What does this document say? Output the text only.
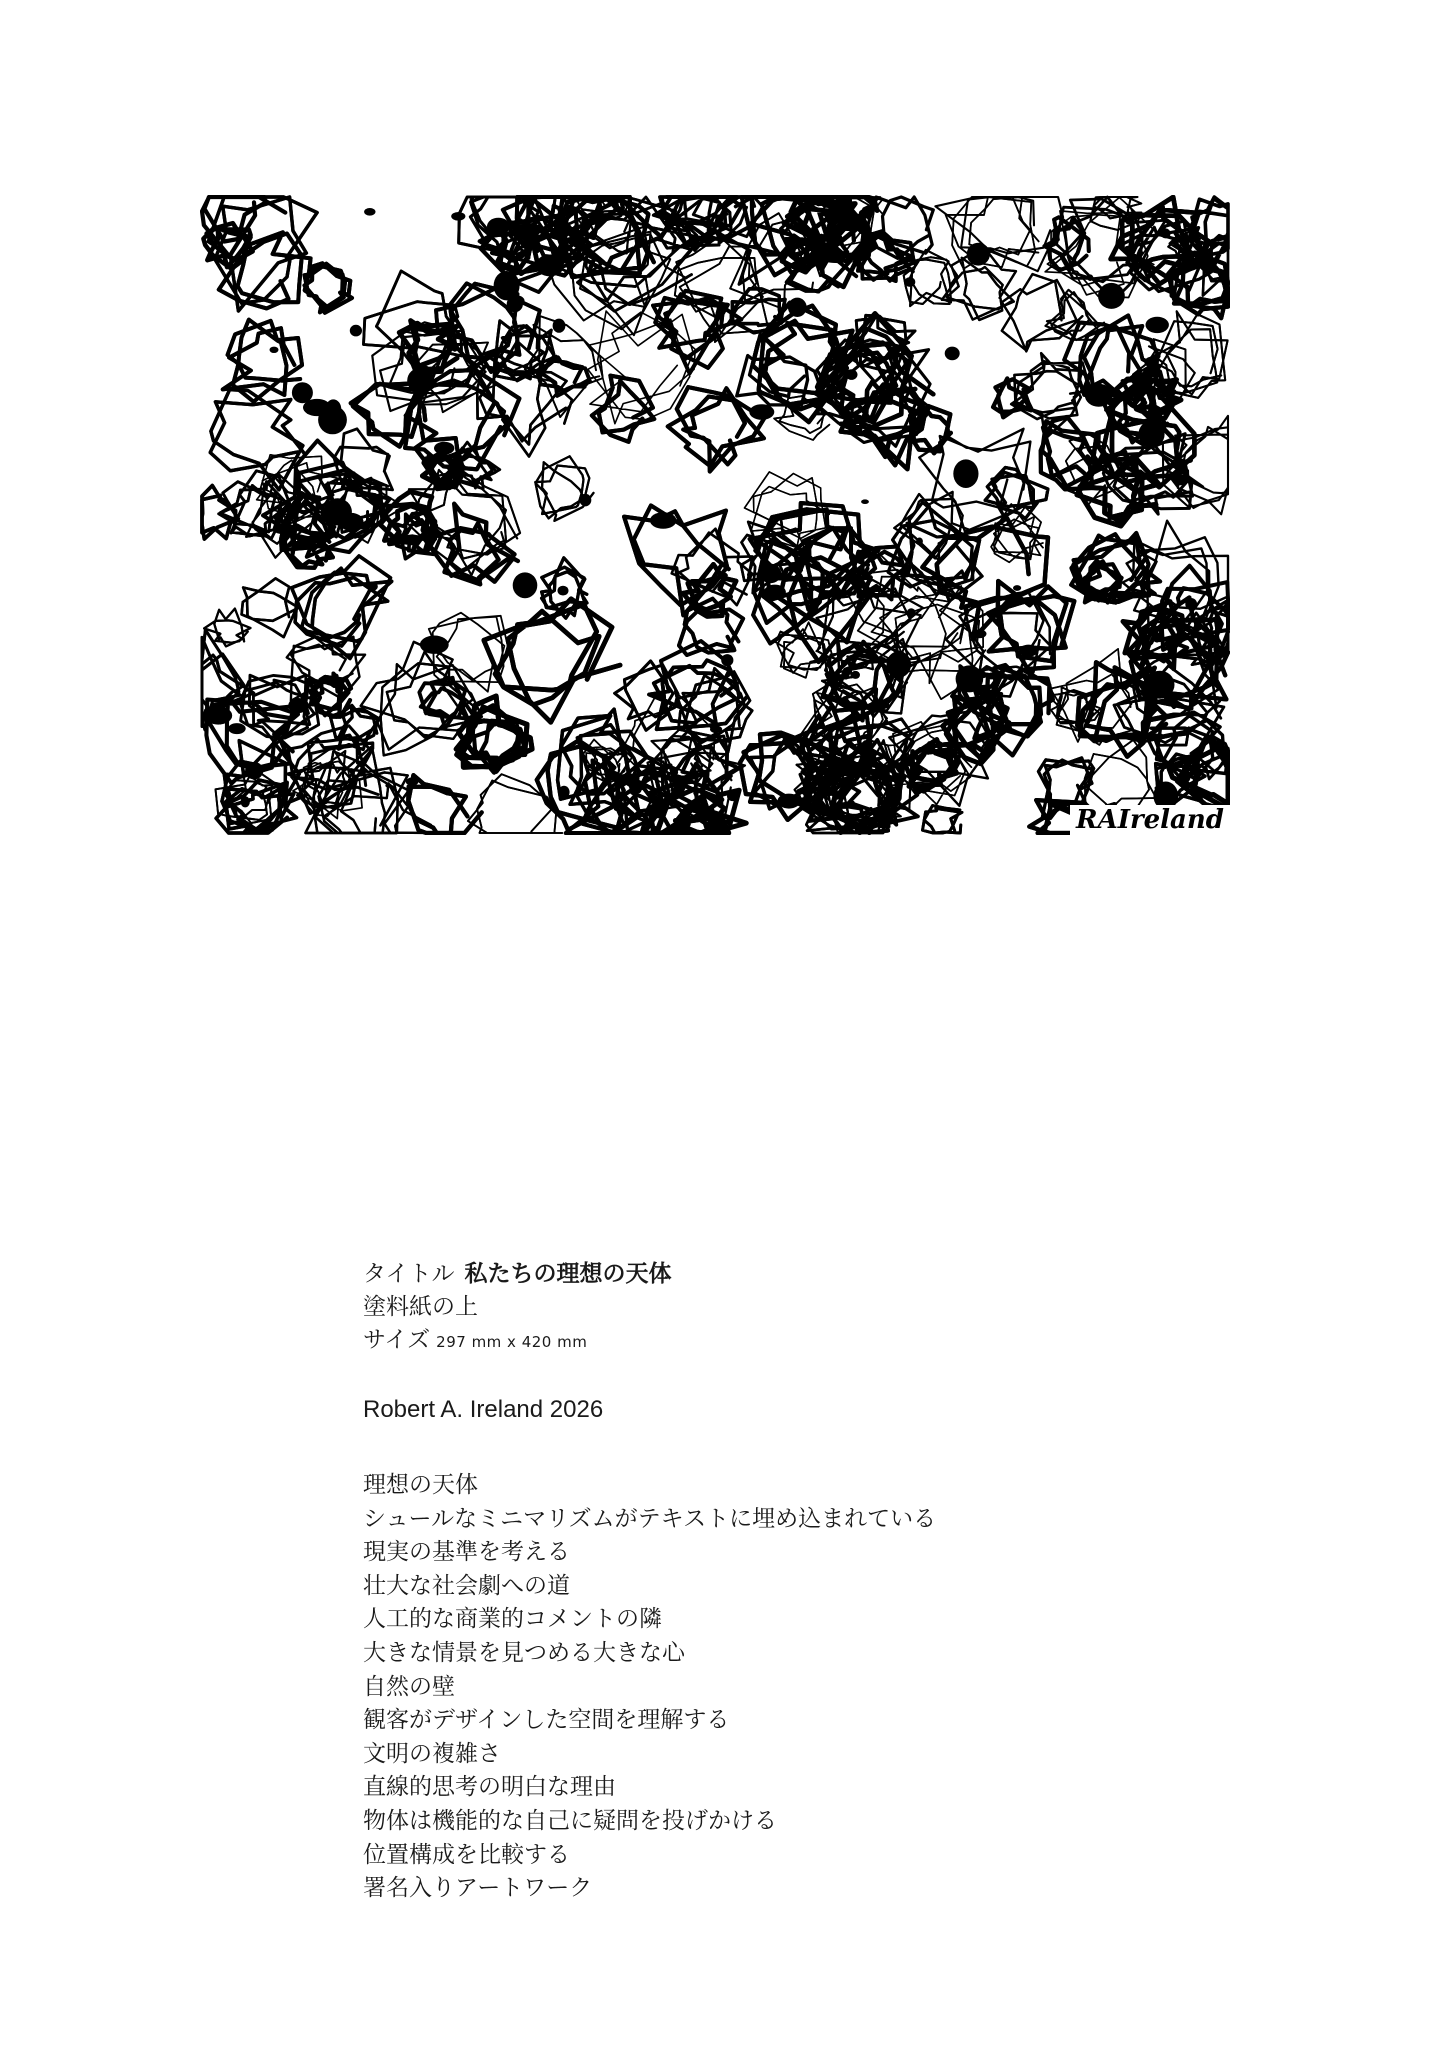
RAIreland
タイトル 私たちの理想の天体
塗料紙の上
サイズ 297 mm x 420 mm
Robert A. Ireland 2026
理想の天体
シュールなミニマリズムがテキストに埋め込まれている
現実の基準を考える
壮大な社会劇への道
人工的な商業的コメントの隣
大きな情景を見つめる大きな心
自然の壁
観客がデザインした空間を理解する
文明の複雑さ
直線的思考の明白な理由
物体は機能的な自己に疑問を投げかける
位置構成を比較する
署名入りアートワーク
